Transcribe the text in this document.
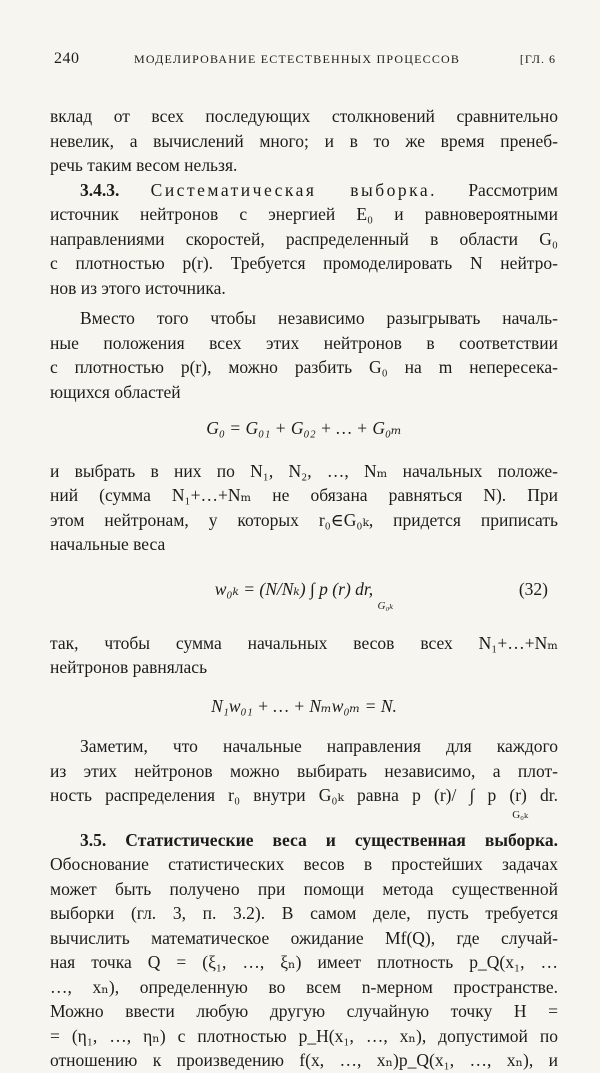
240	МОДЕЛИРОВАНИЕ ЕСТЕСТВЕННЫХ ПРОЦЕССОВ	[ГЛ. 6
вклад от всех последующих столкновений сравнительно
невелик, а вычислений много; и в то же время пренеб-
речь таким весом нельзя.
3.4.3. Систематическая выборка. Рассмотрим
источник нейтронов с энергией E₀ и равновероятными
направлениями скоростей, распределенный в области G₀
с плотностью p(r). Требуется промоделировать N нейтро-
нов из этого источника.
Вместо того чтобы независимо разыгрывать началь-
ные положения всех этих нейтронов в соответствии
с плотностью p(r), можно разбить G₀ на m непересека-
ющихся областей
G₀ = G₀₁ + G₀₂ + … + G₀ₘ
и выбрать в них по N₁, N₂, …, Nₘ начальных положе-
ний (сумма N₁+…+Nₘ не обязана равняться N). При
этом нейтронам, у которых r₀∈G₀ₖ, придется приписать
начальные веса
w₀ₖ = (N/Nₖ) ∫ p (r) dr, $_{G_{0k}}$
(32)
так, чтобы сумма начальных весов всех N₁+…+Nₘ
нейтронов равнялась
N₁w₀₁ + … + Nₘw₀ₘ = N.
Заметим, что начальные направления для каждого
из этих нейтронов можно выбирать независимо, а плот-
ность распределения r₀ внутри G₀ₖ равна p (r)/ ∫ p (r) dr.
G₀ₖ
3.5. Статистические веса и существенная выборка.
Обоснование статистических весов в простейших задачах
может быть получено при помощи метода существенной
выборки (гл. 3, п. 3.2). В самом деле, пусть требуется
вычислить математическое ожидание Mf(Q), где случай-
ная точка Q = (ξ₁, …, ξₙ) имеет плотность p_Q(x₁, …
…, xₙ), определенную во всем n-мерном пространстве.
Можно ввести любую другую случайную точку H =
= (η₁, …, ηₙ) с плотностью p_H(x₁, …, xₙ), допустимой по
отношению к произведению f(x, …, xₙ)p_Q(x₁, …, xₙ), и
